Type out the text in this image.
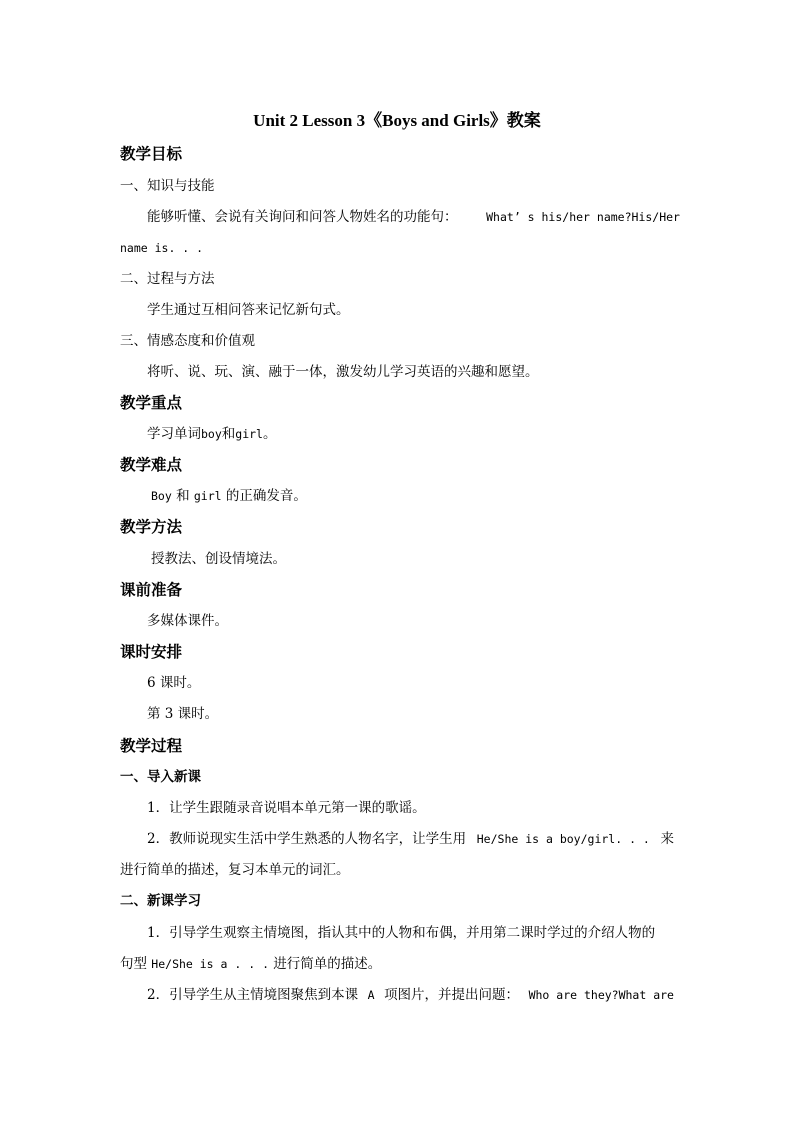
Unit 2 Lesson 3《Boys and Girls》教案
教学目标
一、知识与技能
能够听懂、会说有关询问和问答人物姓名的功能句： What’ s his/her name?His/Her
name is. . .
二、过程与方法
学生通过互相问答来记忆新句式。
三、情感态度和价值观
将听、说、玩、演、融于一体，激发幼儿学习英语的兴趣和愿望。
教学重点
学习单词boy和girl。
教学难点
Boy 和 girl 的正确发音。
教学方法
授教法、创设情境法。
课前准备
多媒体课件。
课时安排
6 课时。
第 3 课时。
教学过程
一、导入新课
1．让学生跟随录音说唱本单元第一课的歌谣。
2．教师说现实生活中学生熟悉的人物名字，让学生用 He/She is a boy/girl. . . 来
进行简单的描述，复习本单元的词汇。
二、新课学习
1．引导学生观察主情境图，指认其中的人物和布偶，并用第二课时学过的介绍人物的
句型 He/She is a . . . 进行简单的描述。
2．引导学生从主情境图聚焦到本课 A 项图片，并提出问题： Who are they?What are
